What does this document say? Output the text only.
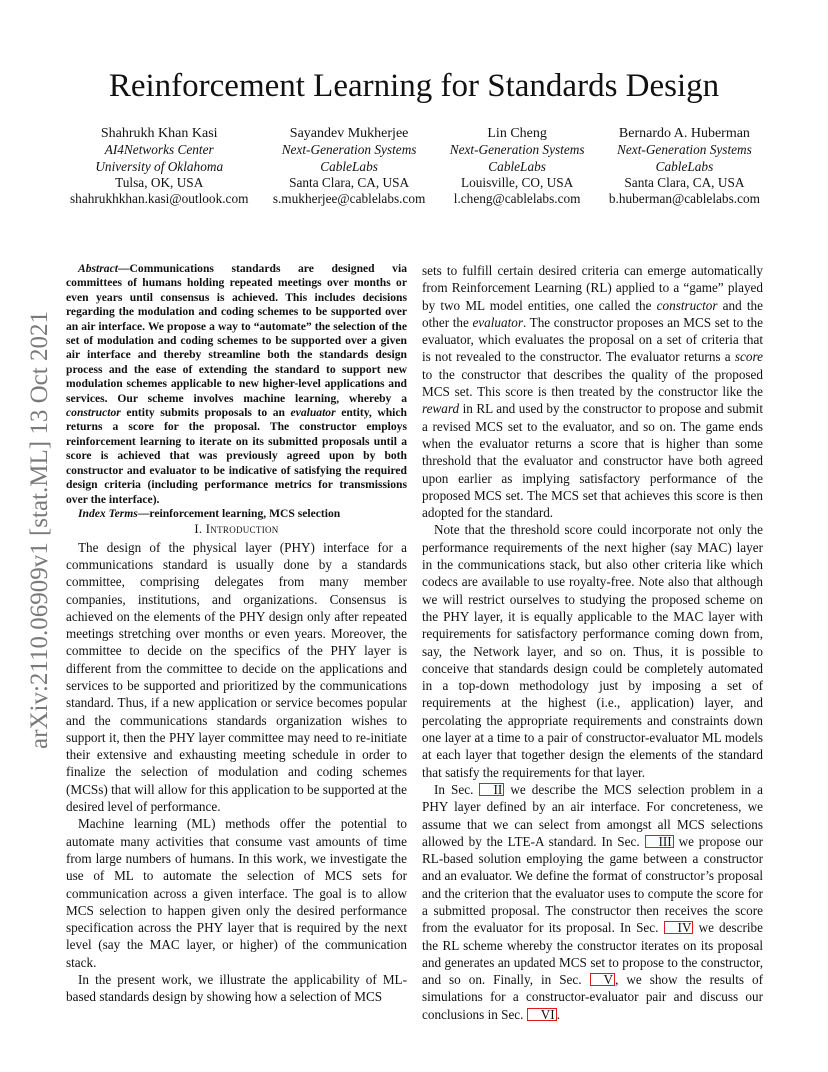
Reinforcement Learning for Standards Design
Shahrukh Khan Kasi
AI4Networks Center
University of Oklahoma
Tulsa, OK, USA
shahrukhkhan.kasi@outlook.com
Sayandev Mukherjee
Next-Generation Systems
CableLabs
Santa Clara, CA, USA
s.mukherjee@cablelabs.com
Lin Cheng
Next-Generation Systems
CableLabs
Louisville, CO, USA
l.cheng@cablelabs.com
Bernardo A. Huberman
Next-Generation Systems
CableLabs
Santa Clara, CA, USA
b.huberman@cablelabs.com
arXiv:2110.06909v1 [stat.ML] 13 Oct 2021

Abstract—Communications standards are designed via committees of humans holding repeated meetings over months or even years until consensus is achieved. This includes decisions regarding the modulation and coding schemes to be supported over an air interface. We propose a way to “automate” the selection of the set of modulation and coding schemes to be supported over a given air interface and thereby streamline both the standards design process and the ease of extending the standard to support new modulation schemes applicable to new higher-level applications and services. Our scheme involves machine learning, whereby a constructor entity submits proposals to an evaluator entity, which returns a score for the proposal. The constructor employs reinforcement learning to iterate on its submitted proposals until a score is achieved that was previously agreed upon by both constructor and evaluator to be indicative of satisfying the required design criteria (including performance metrics for transmissions over the interface).

Index Terms—reinforcement learning, MCS selection

I. Introduction

The design of the physical layer (PHY) interface for a communications standard is usually done by a standards committee, comprising delegates from many member companies, institutions, and organizations. Consensus is achieved on the elements of the PHY design only after repeated meetings stretching over months or even years. Moreover, the committee to decide on the specifics of the PHY layer is different from the committee to decide on the applications and services to be supported and prioritized by the communications standard. Thus, if a new application or service becomes popular and the communications standards organization wishes to support it, then the PHY layer committee may need to re-initiate their extensive and exhausting meeting schedule in order to finalize the selection of modulation and coding schemes (MCSs) that will allow for this application to be supported at the desired level of performance.

Machine learning (ML) methods offer the potential to automate many activities that consume vast amounts of time from large numbers of humans. In this work, we investigate the use of ML to automate the selection of MCS sets for communication across a given interface. The goal is to allow MCS selection to happen given only the desired performance specification across the PHY layer that is required by the next level (say the MAC layer, or higher) of the communication stack.

In the present work, we illustrate the applicability of ML-based standards design by showing how a selection of MCS

sets to fulfill certain desired criteria can emerge automatically from Reinforcement Learning (RL) applied to a “game” played by two ML model entities, one called the constructor and the other the evaluator. The constructor proposes an MCS set to the evaluator, which evaluates the proposal on a set of criteria that is not revealed to the constructor. The evaluator returns a score to the constructor that describes the quality of the proposed MCS set. This score is then treated by the constructor like the reward in RL and used by the constructor to propose and submit a revised MCS set to the evaluator, and so on. The game ends when the evaluator returns a score that is higher than some threshold that the evaluator and constructor have both agreed upon earlier as implying satisfactory performance of the proposed MCS set. The MCS set that achieves this score is then adopted for the standard.

Note that the threshold score could incorporate not only the performance requirements of the next higher (say MAC) layer in the communications stack, but also other criteria like which codecs are available to use royalty-free. Note also that although we will restrict ourselves to studying the proposed scheme on the PHY layer, it is equally applicable to the MAC layer with requirements for satisfactory performance coming down from, say, the Network layer, and so on. Thus, it is possible to conceive that standards design could be completely automated in a top-down methodology just by imposing a set of requirements at the highest (i.e., application) layer, and percolating the appropriate requirements and constraints down one layer at a time to a pair of constructor-evaluator ML models at each layer that together design the elements of the standard that satisfy the requirements for that layer.

In Sec. II we describe the MCS selection problem in a PHY layer defined by an air interface. For concreteness, we assume that we can select from amongst all MCS selections allowed by the LTE-A standard. In Sec. III we propose our RL-based solution employing the game between a constructor and an evaluator. We define the format of constructor’s proposal and the criterion that the evaluator uses to compute the score for a submitted proposal. The constructor then receives the score from the evaluator for its proposal. In Sec. IV we describe the RL scheme whereby the constructor iterates on its proposal and generates an updated MCS set to propose to the constructor, and so on. Finally, in Sec. V , we show the results of simulations for a constructor-evaluator pair and discuss our conclusions in Sec. VI .
